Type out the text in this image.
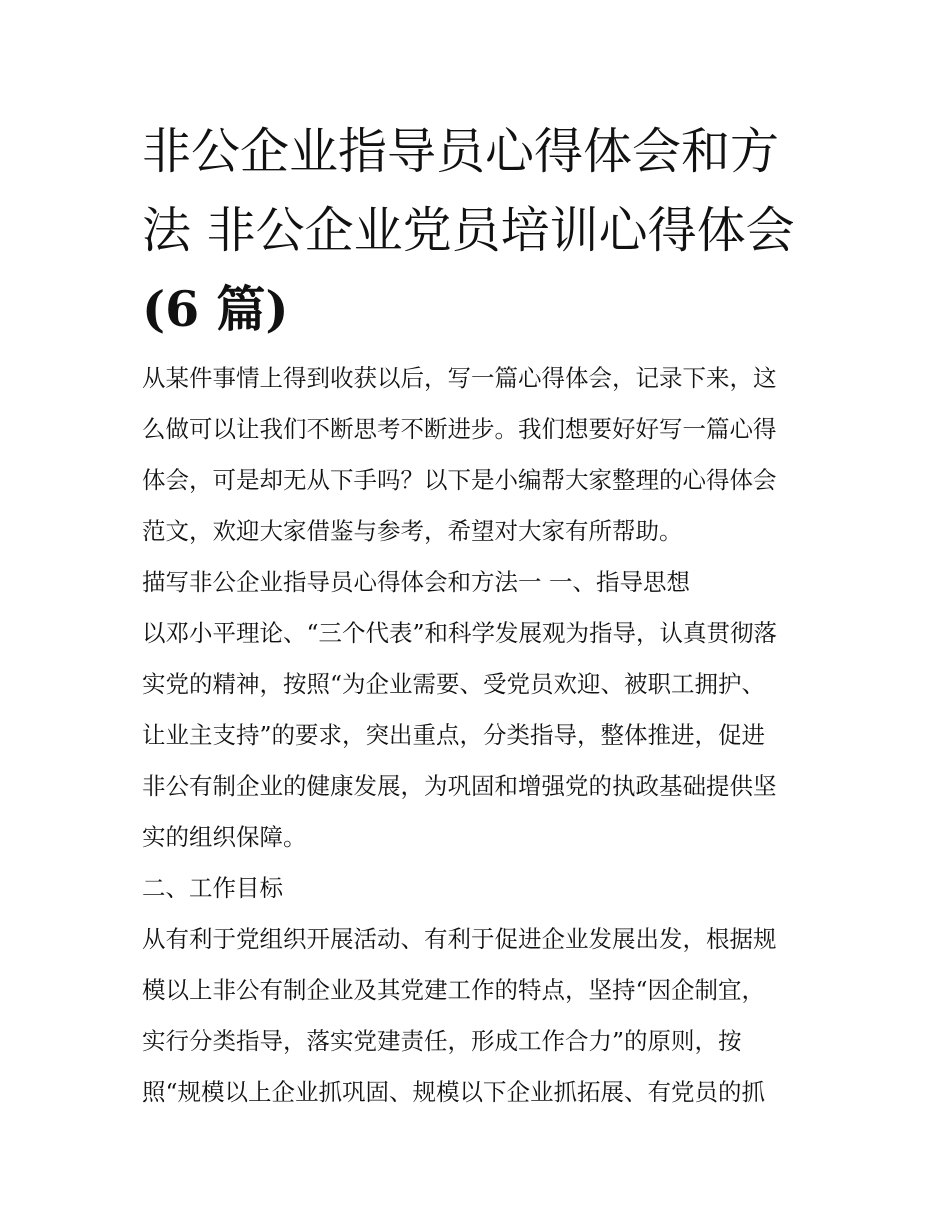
非公企业指导员心得体会和方
法 非公企业党员培训心得体会
(6 篇)

从某件事情上得到收获以后，写一篇心得体会，记录下来，这

么做可以让我们不断思考不断进步。我们想要好好写一篇心得

体会，可是却无从下手吗？以下是小编帮大家整理的心得体会

范文，欢迎大家借鉴与参考，希望对大家有所帮助。

描写非公企业指导员心得体会和方法一 一、指导思想

以邓小平理论、“三个代表”和科学发展观为指导，认真贯彻落

实党的精神，按照“为企业需要、受党员欢迎、被职工拥护、

让业主支持”的要求，突出重点，分类指导，整体推进，促进

非公有制企业的健康发展，为巩固和增强党的执政基础提供坚

实的组织保障。

二、工作目标

从有利于党组织开展活动、有利于促进企业发展出发，根据规

模以上非公有制企业及其党建工作的特点，坚持“因企制宜，

实行分类指导，落实党建责任，形成工作合力”的原则，按

照“规模以上企业抓巩固、规模以下企业抓拓展、有党员的抓
